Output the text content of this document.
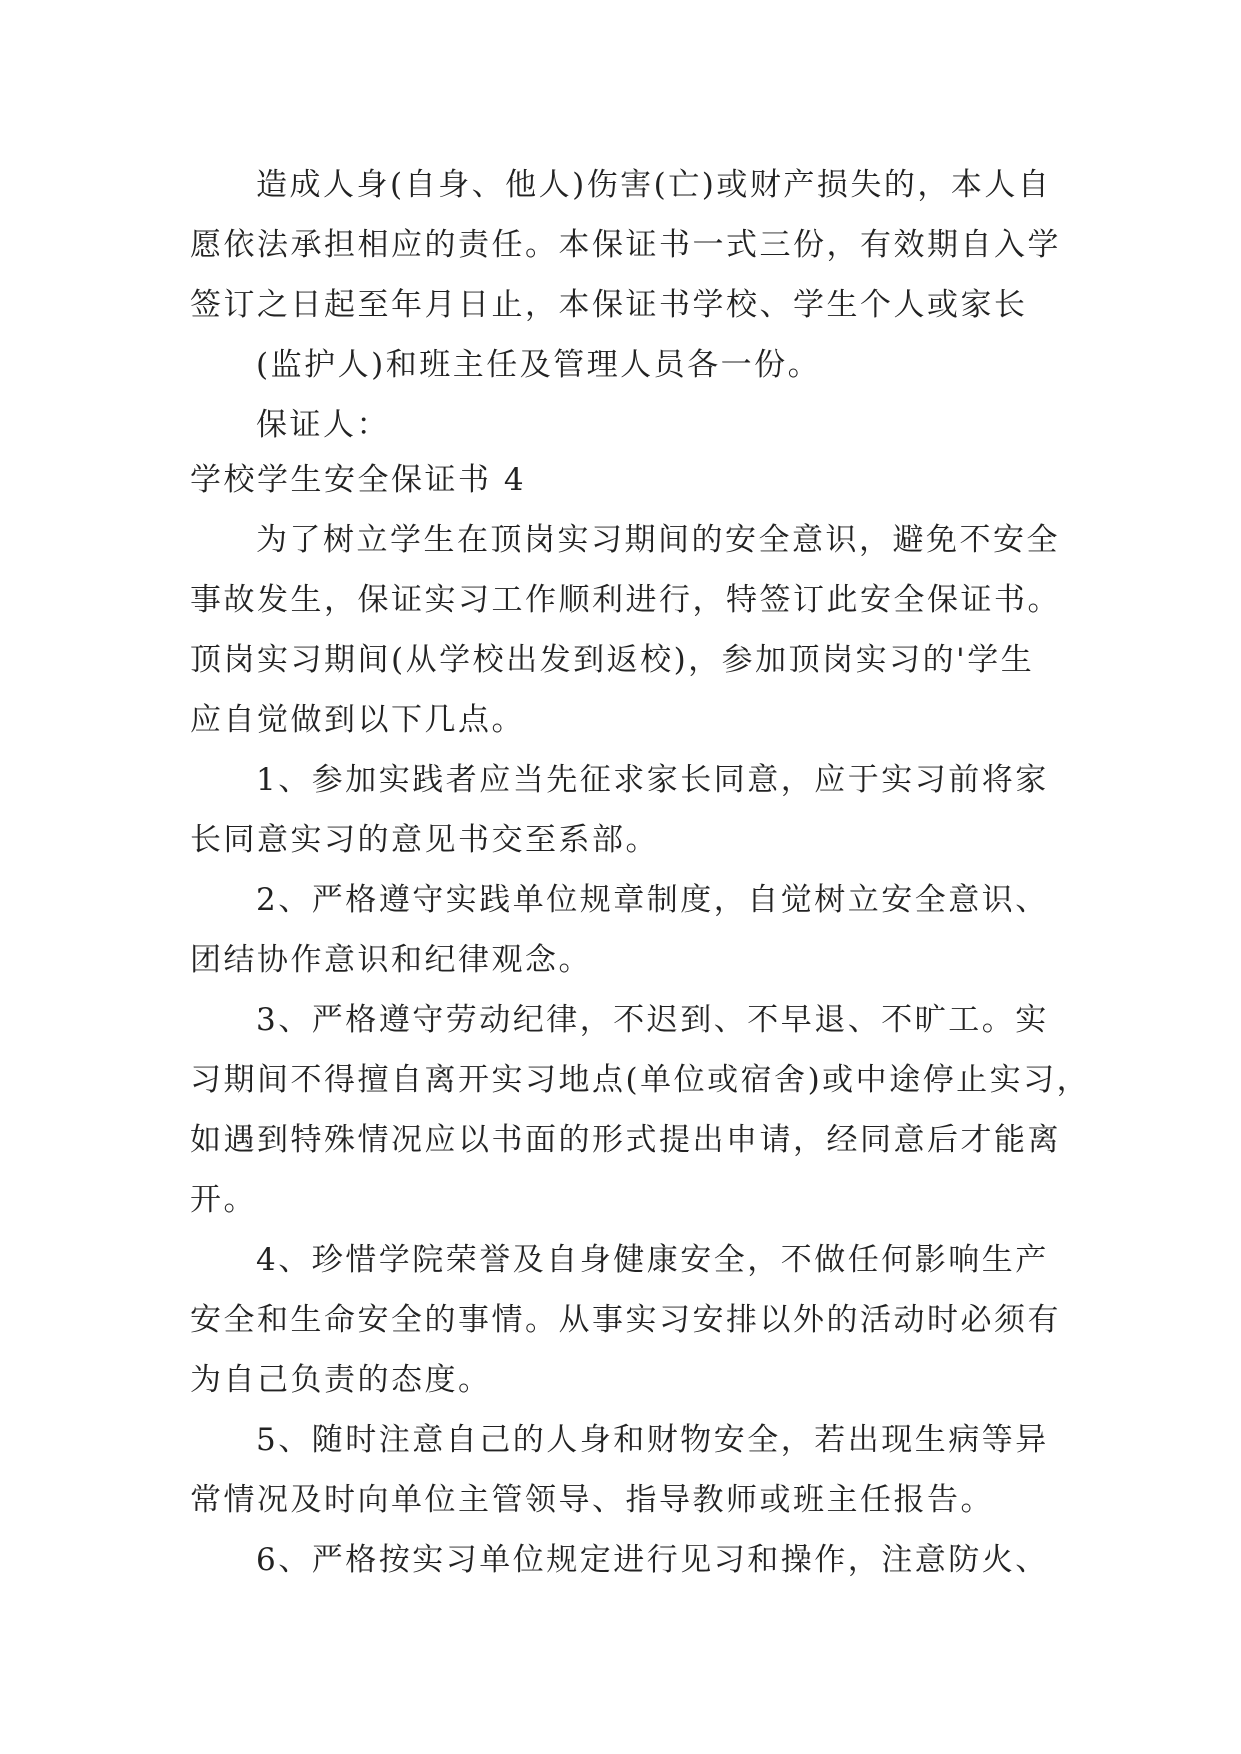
造成人身(自身、他人)伤害(亡)或财产损失的，本人自
愿依法承担相应的责任。本保证书一式三份，有效期自入学
签订之日起至年月日止，本保证书学校、学生个人或家长
(监护人)和班主任及管理人员各一份。
保证人：
学校学生安全保证书 4
为了树立学生在顶岗实习期间的安全意识，避免不安全
事故发生，保证实习工作顺利进行，特签订此安全保证书。
顶岗实习期间(从学校出发到返校)，参加顶岗实习的'学生
应自觉做到以下几点。
1、参加实践者应当先征求家长同意，应于实习前将家
长同意实习的意见书交至系部。
2、严格遵守实践单位规章制度，自觉树立安全意识、
团结协作意识和纪律观念。
3、严格遵守劳动纪律，不迟到、不早退、不旷工。实
习期间不得擅自离开实习地点(单位或宿舍)或中途停止实习，
如遇到特殊情况应以书面的形式提出申请，经同意后才能离
开。
4、珍惜学院荣誉及自身健康安全，不做任何影响生产
安全和生命安全的事情。从事实习安排以外的活动时必须有
为自己负责的态度。
5、随时注意自己的人身和财物安全，若出现生病等异
常情况及时向单位主管领导、指导教师或班主任报告。
6、严格按实习单位规定进行见习和操作，注意防火、
